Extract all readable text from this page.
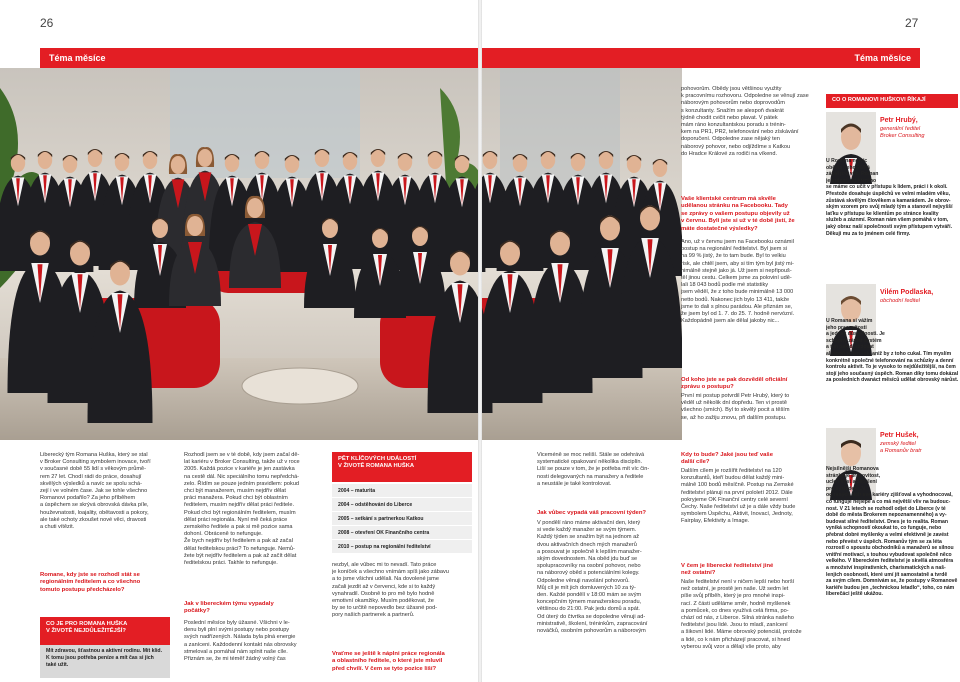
26
Téma měsíce
27
Téma měsíce
Liberecký tým Romana Huška, který se stal
v Broker Consulting symbolem inovace, tvoří
v současné době 55 lidí s věkovým průmě-
rem 27 let. Chodí rádi do práce, dosahují
skvělých výsledků a navíc se spolu schá-
zejí i ve volném čase. Jak se tohle všechno
Romanovi podařilo? Za jeho příběhem
a úspěchem se skrývá obrovská dávka píle,
houževnatosti, loajality, obětavosti a pokory,
ale také ochoty zkoušet nové věci, dravosti
a chuti vítězit.
Romane, kdy jste se rozhodl stát se
regionálním ředitelem a co všechno
tomuto postupu předcházelo?
CO JE PRO ROMANA HUŠKA
V ŽIVOTĚ NEJDŮLEŽITĚJŠÍ?
Mít zdravou, šťastnou a aktivní rodinu. Mít klid.
K tomu jsou potřeba peníze a mít čas si jich
také užít.
Rozhodl jsem se v té době, kdy jsem začal dě-
lat kariéru v Broker Consulting, takže už v roce
2005. Každá pozice v kariéře je jen zastávka
na cestě dál. Nic speciálního tomu nepředchá-
zelo. Řídím se pouze jedním pravidlem: pokud
chci být manažerem, musím nejdřív dělat
práci manažera. Pokud chci být oblastním
ředitelem, musím nejdřív dělat práci ředitele.
Pokud chci být regionálním ředitelem, musím
dělat práci regionála. Nyní mě čeká práce
zemského ředitele a pak si mě pozice sama
dohoní. Obráceně to nefunguje.
Že bych nejdřív byl ředitelem a pak až začal
dělat ředitelskou práci? To nefunguje. Nemů-
žete být nejdřív ředitelem a pak až začít dělat
ředitelskou práci. Takhle to nefunguje.
Jak v libereckém týmu vypadaly
počátky?
Poslední měsíce byly úžasné. Všichni v le-
denu byli plní svými postupy nebo postupy
svých nadřízených. Nálada byla plná energie
a zaníceni. Každodenní kontakt nás obrovsky
stmeloval a pomáhal nám splnit naše cíle.
Přiznám se, že mi téměř žádný volný čas
PĚT KLÍČOVÝCH UDÁLOSTÍ
V ŽIVOTĚ ROMANA HUŠKA
2004 – maturita
2004 – odstěhování do Liberce
2005 – setkání s partnerkou Katkou
2008 – otevření OK Finančního centra
2010 – postup na regionální ředitelství
nezbyl, ale vůbec mi to nevadí. Tato práce
je koníček a všechno vnímám spíš jako zábavu
a to jsme všichni udělali. Na dovolené jsme
začali jezdit až v červenci, kde si to každý
vynahradil. Osobně to pro mě bylo hodně
emotivní okamžiky. Musím poděkovat, že
by se to určitě nepovedlo bez úžasné pod-
pory našich partnerek a partnerů.
Vraťme se ještě k náplni práce regionála
a oblastního ředitele, o které jste mluvil
před chvílí. V čem se tyto pozice liší?
pohovorům. Obědy jsou většinou využity
k pracovnímu rozhovoru. Odpoledne se věnují zase
náborovým pohovorům nebo doprovodům
s konzultanty. Snažím se alespoň dvakrát
týdně chodit cvičit nebo plavat. V pátek
mám ráno konzultantskou poradu s trénin-
kem na PR1, PR2, telefonování nebo získávání
doporučení. Odpoledne zase nějaký ten
náborový pohovor, nebo odjíždíme s Katkou
do Hradce Králové za rodiči na víkend.
Vaše klientské centrum má skvěle
udělanou stránku na Facebooku. Tady
se zprávy o vašem postupu objevily už
v červnu. Byli jste si už v té době jistí, že
máte dostatečné výsledky?
Ano, už v červnu jsem na Facebooku oznámil
postup na regionální ředitelství. Byl jsem si
na 99 % jistý, že to tam bude. Byl to velkiu
risk, ale chtěl jsem, aby si tím tým byl jistý mi-
nimálně stejně jako já. Už jsem si nepřipouš-
těl jinou cestu. Celkem jsme za poloviní udě-
lali 18 043 bodů podle mé statistiky
jsem věděl, že z toho bude minimálně 13 000
netto bodů. Nakonec jich bylo 13 411, takže
jsme to dali s plnou parádou. Ale přiznám se,
že jsem byl od 1. 7. do 25. 7. hodně nervózní.
Každopádně jsem ale dělal jakoby nic...
Od koho jste se pak dozvěděl oficiální
zprávu o postupu?
První mi postup potvrdil Petr Hrubý, který to
věděl už několik dní dopředu. Ten vi prostě
všechno (smích). Byl to skvělý pocit a těším
se, až ho zažiju znovu, při dalším postupu.
Viceméně se moc neliší. Stále se odehrává
systematické opakovaní několika disciplín.
Liší se pouze v tom, že je potřeba mít víc čin-
nosti delegovaných na manažery a ředitele
a neustále je také kontrolovat.
Jak vůbec vypadá váš pracovní týden?
V pondělí ráno máme aktivační den, který
si vede každý manažer se svým týmem.
Každý týden se snažím být na jednom až
dvou aktivačních dnech mých manažerů
a posouvat je společně k lepším manažer-
ským dovednostem. Na oběd jdu buď se
spolupracovníky na osobní pohovor, nebo
na náborový oběd s potenciálními kolegy.
Odpoledne věnuji navolání pohovorů.
Můj cíl je mít jich domluvených 10 za tý-
den. Každé pondělí v 18:00 mám se svým
koncepčním týmem manažerskou poradu,
většinou do 21:00. Pak jedu domů a spát.
Od úterý do čtvrtka se dopoledne věnuji ad-
ministrativě, školení, tréninkům, zapracování
nováčků, osobním pohovorům a náborovým
Kdy to bude? Jaké jsou teď vaše
další cíle?
Dalším cílem je rozšířit ředitelství na 120
konzultantů, kteří budou dělat každý mini-
málně 100 bodů měsíčně. Postup na Zemské
ředitelství plánuji na první pololetí 2012. Dále
pokryjeme OK Finanční centry celé severní
Čechy. Naše ředitelství už je a dále vždy bude
symbolem Úspěchu, Aktivit, Inovací, Jednoty,
Fairplay, Efektivity a Image.
V čem je liberecké ředitelství jiné
než ostatní?
Naše ředitelství není v ničem lepší nebo horší
než ostatní, je prostě jen naše. Už sedm let
píše svůj příběh, který je pro mnohé inspi-
rací. Z části uděláme směr, hodně myšlenek
a pomůcek, co dnes využívá celá firma, po-
chází od nás, z Liberce. Silná stránka našeho
ředitelství jsou lidé. Jsou to mladí, zanícení
a šikovní lidé. Máme obrovský potenciál, protože
a lidé, co k nám přicházejí pracovat, si hned
vyberou svůj vzor a dělají vše proto, aby
CO O ROMANOVI HUŠKOVI ŘÍKAJÍ
Petr Hrubý,
generální ředitel
Broker Consulting
U Romana nejvíc
oběvují jeho 200%
zápal pro věc. Roman
je srdcař, od kterého
se máme co učit v přístupu k lidem, práci i k okolí.
Přestože dosahuje úspěchů ve velmi mladém věku,
zůstává skvělým člověkem a kamarádem. Je obrov-
ským vzorem pro svůj mladý tým a stanovil nejvyšší
laťku v přístupu ke klientům po stránce kvality
služeb a záznmí. Roman nám všem pomáhá v tom,
jaký obraz naší společnosti svým přístupem vytváří.
Děkuji mu za to jménem celé firmy.
Vilém Podlaska,
obchodní ředitel
U Romana si vážím
jeho pracovitosti
a jednak důslednosti. Je
schopný závist systém
a tím pak dodržovat
alespoň jeden rok, aniž by z toho cukal. Tím myslím
konkrétně společné telefonování na schůzky a denní
kontrolu aktivit. To je vysoko to nejdůležitější, na čem
stojí jeho současný úspěch. Roman díky tomu dokázal
za posledních dvanáct měsíců udělat obrovský nárůst.
Petr Hušek,
zemský ředitel
a Romanův bratr
Nejsilnější Romanova
stránka je pracovitost,
uclenivost a zapálení
pro výsledek. Já
od raných dob své kariéry zjišťoval a vyhodnocoval,
co funguje nejlépe a co má největší vliv na budouc-
nost. V 21 letech se rozhodl odjet do Liberce (v té
době do města Brokerem nepoznamenného) a vy-
budovat silné ředitelství. Dnes je to realita. Roman
vyniká schopností okoukat to, co funguje, nebo
přebrat dobré myšlenky a velmi efektivně je zavést
nebo převést v úspěch. Romanův tým se za léta
rozrostl o spoustu obchodníků a manažerů se silnou
vnitřní motivací, s touhou vybudovat společně něco
velkého. V libereckém ředitelství je skvělá atmosféra
a množství inspirativních, charismatických a naš-
lenjich osobností, které umí jít samostatně a tvrdě
za svým cílem. Domnívám se, že postupy v Romanově
kariéře budou jen „technickou letadlo“, toho, co nám
liberečáci ještě ukážou.
